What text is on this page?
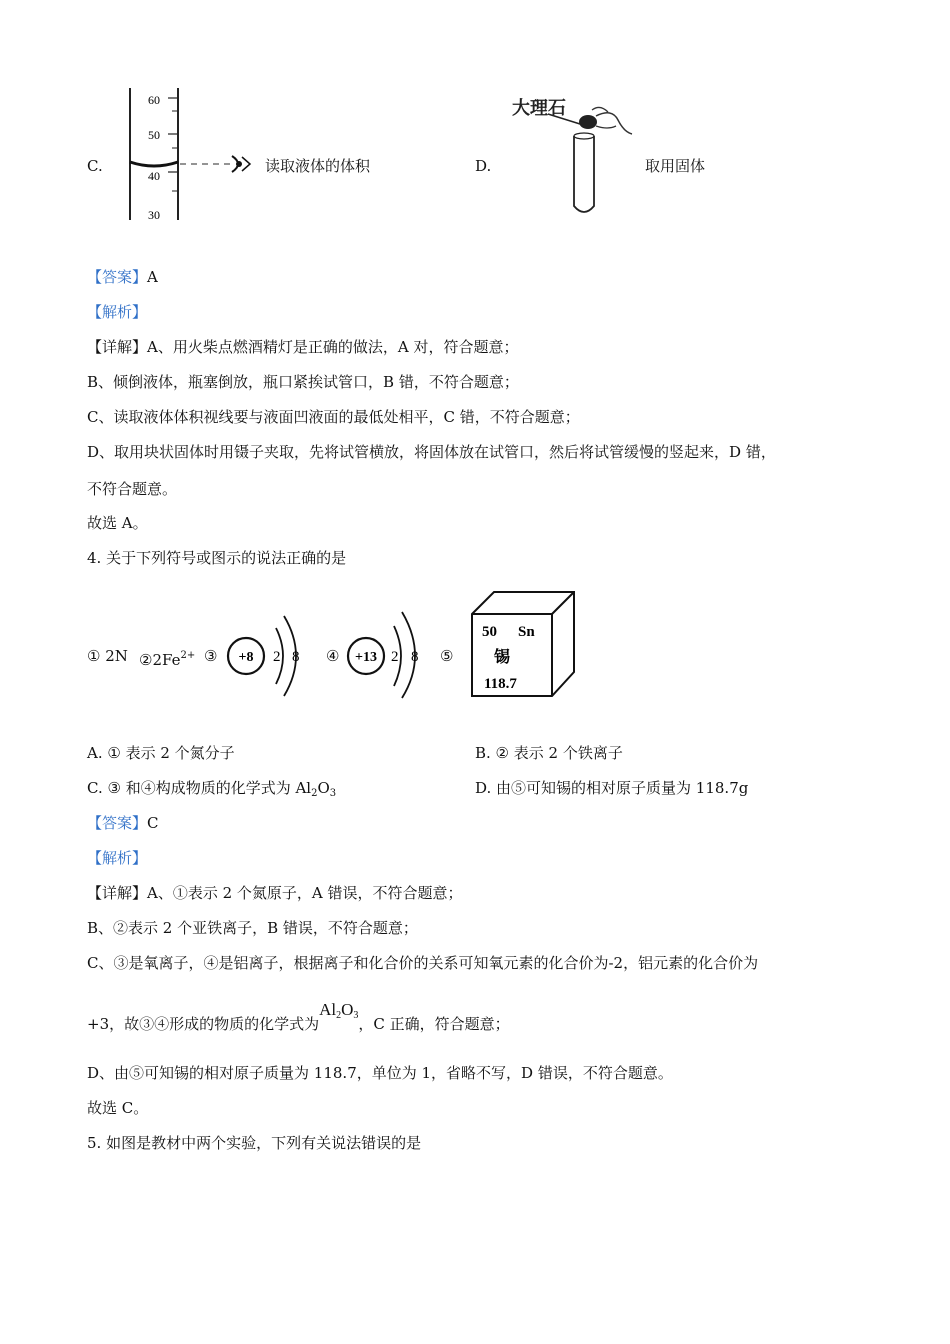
C.
60
50
40
30
读取液体的体积	D.
大理石
取用固体
【答案】A
【解析】
【详解】A、用火柴点燃酒精灯是正确的做法，A 对，符合题意；
B、倾倒液体，瓶塞倒放，瓶口紧挨试管口，B 错，不符合题意；
C、读取液体体积视线要与液面凹液面的最低处相平，C 错，不符合题意；
D、取用块状固体时用镊子夹取，先将试管横放，将固体放在试管口，然后将试管缓慢的竖起来，D 错，
不符合题意。
故选 A。
4. 关于下列符号或图示的说法正确的是
① 2N $②2Fe^{2+}$ ③ +8 2 8 ④ +13 2 8 ⑤
50 Sn
锡
118.7
A. ① 表示 2 个氮分子	B. ② 表示 2 个铁离子
C. ③ 和④构成物质的化学式为 $Al_2O_3$	D. 由⑤可知锡的相对原子质量为 118.7g
【答案】C
【解析】
【详解】A、①表示 2 个氮原子，A 错误，不符合题意；
B、②表示 2 个亚铁离子，B 错误，不符合题意；
C、③是氧离子，④是铝离子，根据离子和化合价的关系可知氧元素的化合价为-2，铝元素的化合价为
+3，故③④形成的物质的化学式为$Al_2O_3$，C 正确，符合题意；
D、由⑤可知锡的相对原子质量为 118.7，单位为 1，省略不写，D 错误，不符合题意。
故选 C。
5. 如图是教材中两个实验，下列有关说法错误的是
